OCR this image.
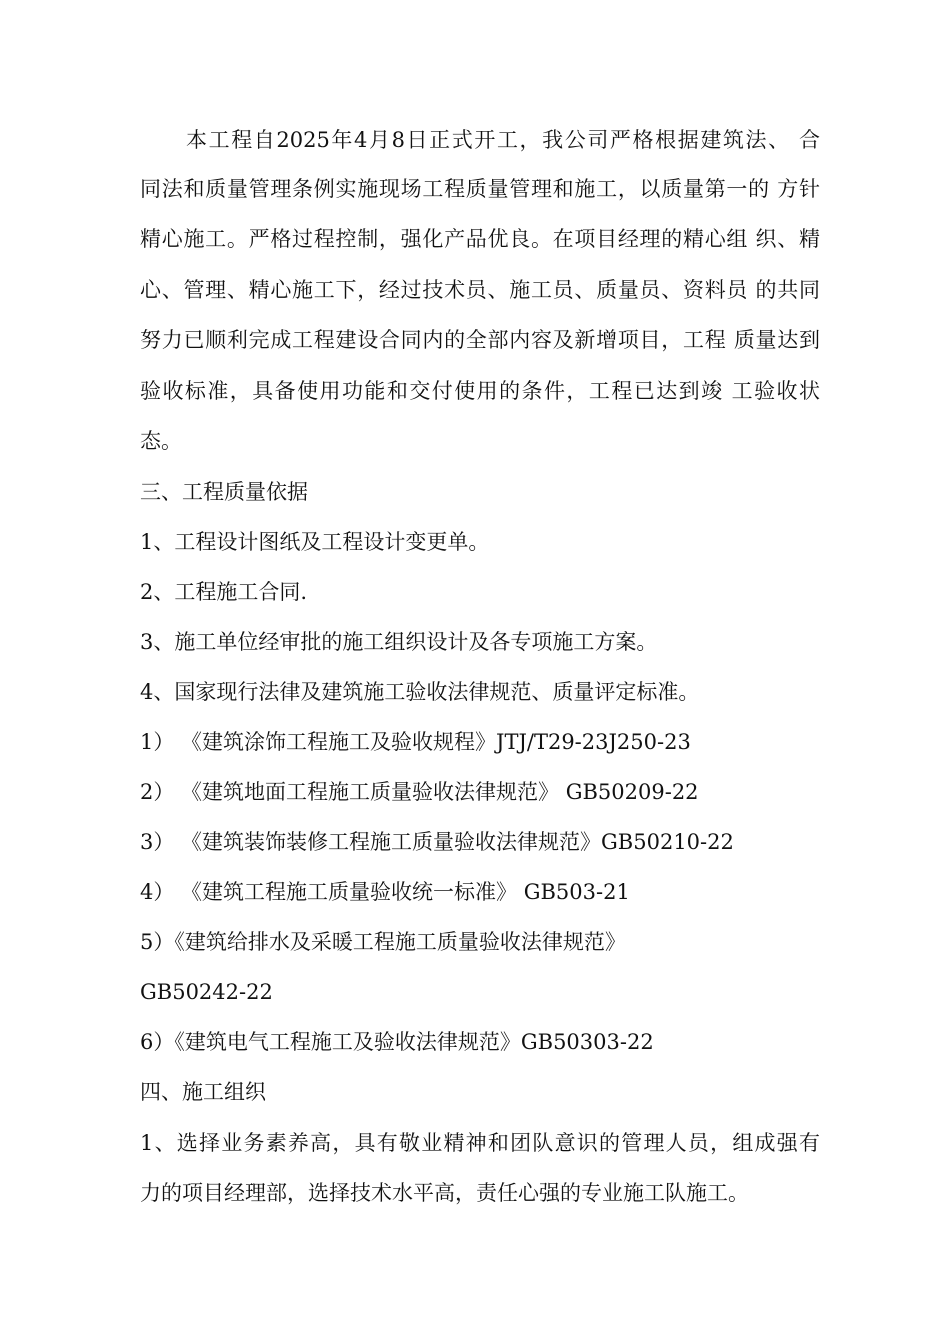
本工程自2025年4月8日正式开工，我公司严格根据建筑法、 合

同法和质量管理条例实施现场工程质量管理和施工，以质量第一的 方针

精心施工。严格过程控制，强化产品优良。在项目经理的精心组 织、精

心、管理、精心施工下，经过技术员、施工员、质量员、资料员 的共同

努力已顺利完成工程建设合同内的全部内容及新增项目，工程 质量达到

验收标准，具备使用功能和交付使用的条件，工程已达到竣 工验收状

态。

三、工程质量依据

1、工程设计图纸及工程设计变更单。

2、工程施工合同.

3、施工单位经审批的施工组织设计及各专项施工方案。

4、国家现行法律及建筑施工验收法律规范、质量评定标准。

1） 《建筑涂饰工程施工及验收规程》JTJ/T29-23J250-23

2） 《建筑地面工程施工质量验收法律规范》 GB50209-22

3） 《建筑装饰装修工程施工质量验收法律规范》GB50210-22

4） 《建筑工程施工质量验收统一标准》 GB503-21

5）《建筑给排水及采暖工程施工质量验收法律规范》

GB50242-22

6）《建筑电气工程施工及验收法律规范》GB50303-22

四、施工组织

1、选择业务素养高，具有敬业精神和团队意识的管理人员，组成强有

力的项目经理部，选择技术水平高，责任心强的专业施工队施工。
